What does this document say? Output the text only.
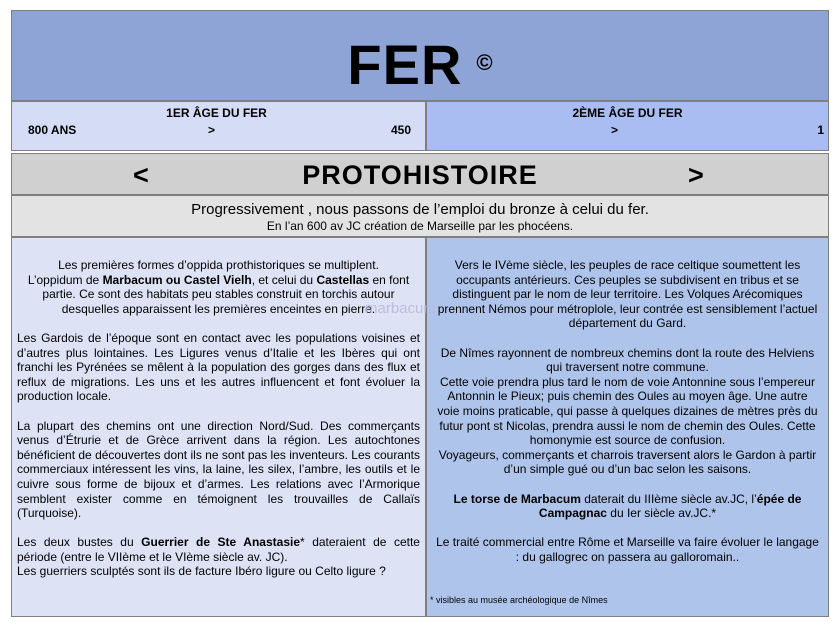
FER ©
1ER ÂGE DU FER
800 ANS	>	450
2ÈME ÂGE DU FER
>	1
<	PROTOHISTOIRE	>
Progressivement , nous passons de l’emploi du bronze à celui du fer.
En l’an 600 av JC création de Marseille par les phocéens.

Les premières formes d’oppida prothistoriques se multiplent.
L’oppidum de Marbacum ou Castel Vielh, et celui du Castellas en font partie. Ce sont des habitats peu stables construit en torchis autour desquelles apparaissent les premières enceintes en pierre.

Les Gardois de l’époque sont en contact avec les populations voisines et d’autres plus lointaines. Les Ligures venus d’Italie et les Ibères qui ont franchi les Pyrénées se mêlent à la population des gorges dans des flux et reflux de migrations. Les uns et les autres influencent et font évoluer la production locale.

La plupart des chemins ont une direction Nord/Sud. Des commerçants venus d’Étrurie et de Grèce arrivent dans la région. Les autochtones bénéficient de découvertes dont ils ne sont pas les inventeurs. Les courants commerciaux intéressent les vins, la laine, les silex, l’ambre, les outils et le cuivre sous forme de bijoux et d’armes. Les relations avec l’Armorique semblent exister comme en témoignent les trouvailles de Callaïs (Turquoise).

Les deux bustes du Guerrier de Ste Anastasie* dateraient de cette période (entre le VIIème et le VIème siècle av. JC).

Les guerriers sculptés sont ils de facture Ibéro ligure ou Celto ligure ?

Vers le IVème siècle, les peuples de race celtique soumettent les occupants antérieurs. Ces peuples se subdivisent en tribus et se distinguent par le nom de leur territoire. Les Volques Arécomiques prennent Némos pour métroplole, leur contrée est sensiblement l’actuel département du Gard.

De Nîmes rayonnent de nombreux chemins dont la route des Helviens qui traversent notre commune.
Cette voie prendra plus tard le nom de voie Antonnine sous l’empereur Antonnin le Pieux; puis chemin des Oules au moyen âge. Une autre voie moins praticable, qui passe à quelques dizaines de mètres près du futur pont st Nicolas, prendra aussi le nom de chemin des Oules. Cette homonymie est source de confusion.

Voyageurs, commerçants et charrois traversent alors le Gardon à partir d’un simple gué ou d’un bac selon les saisons.

Le torse de Marbacum daterait du IIIème siècle av.JC, l’épée de Campagnac du Ier siècle av.JC.*

Le traité commercial entre Rôme et Marseille va faire évoluer le langage : du gallogrec on passera au galloromain..

* visibles au musée archéologique de Nîmes
marbacum
